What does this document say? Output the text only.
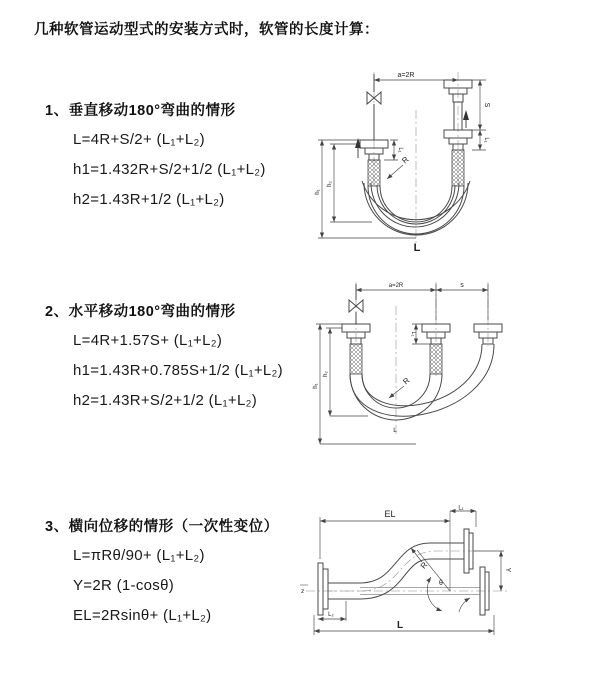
几种软管运动型式的安装方式时，软管的长度计算：
1、垂直移动180°弯曲的情形
L=4R+S/2+ (L₁+L₂)
h1=1.432R+S/2+1/2 (L₁+L₂)
h2=1.43R+1/2 (L₁+L₂)
2、水平移动180°弯曲的情形
L=4R+1.57S+ (L₁+L₂)
h1=1.43R+0.785S+1/2 (L₁+L₂)
h2=1.43R+S/2+1/2 (L₁+L₂)
3、横向位移的情形（一次性变位）
L=πRθ/90+ (L₁+L₂)
Y=2R (1-cosθ)
EL=2Rsinθ+ (L₁+L₂)
a=2R
L₁
S
L₁
h₁
h₂
R
L
a=2R	s
L₁
h₁
h₂
R
L
z
EL
L₁
Y
L₂
R
θ
L
